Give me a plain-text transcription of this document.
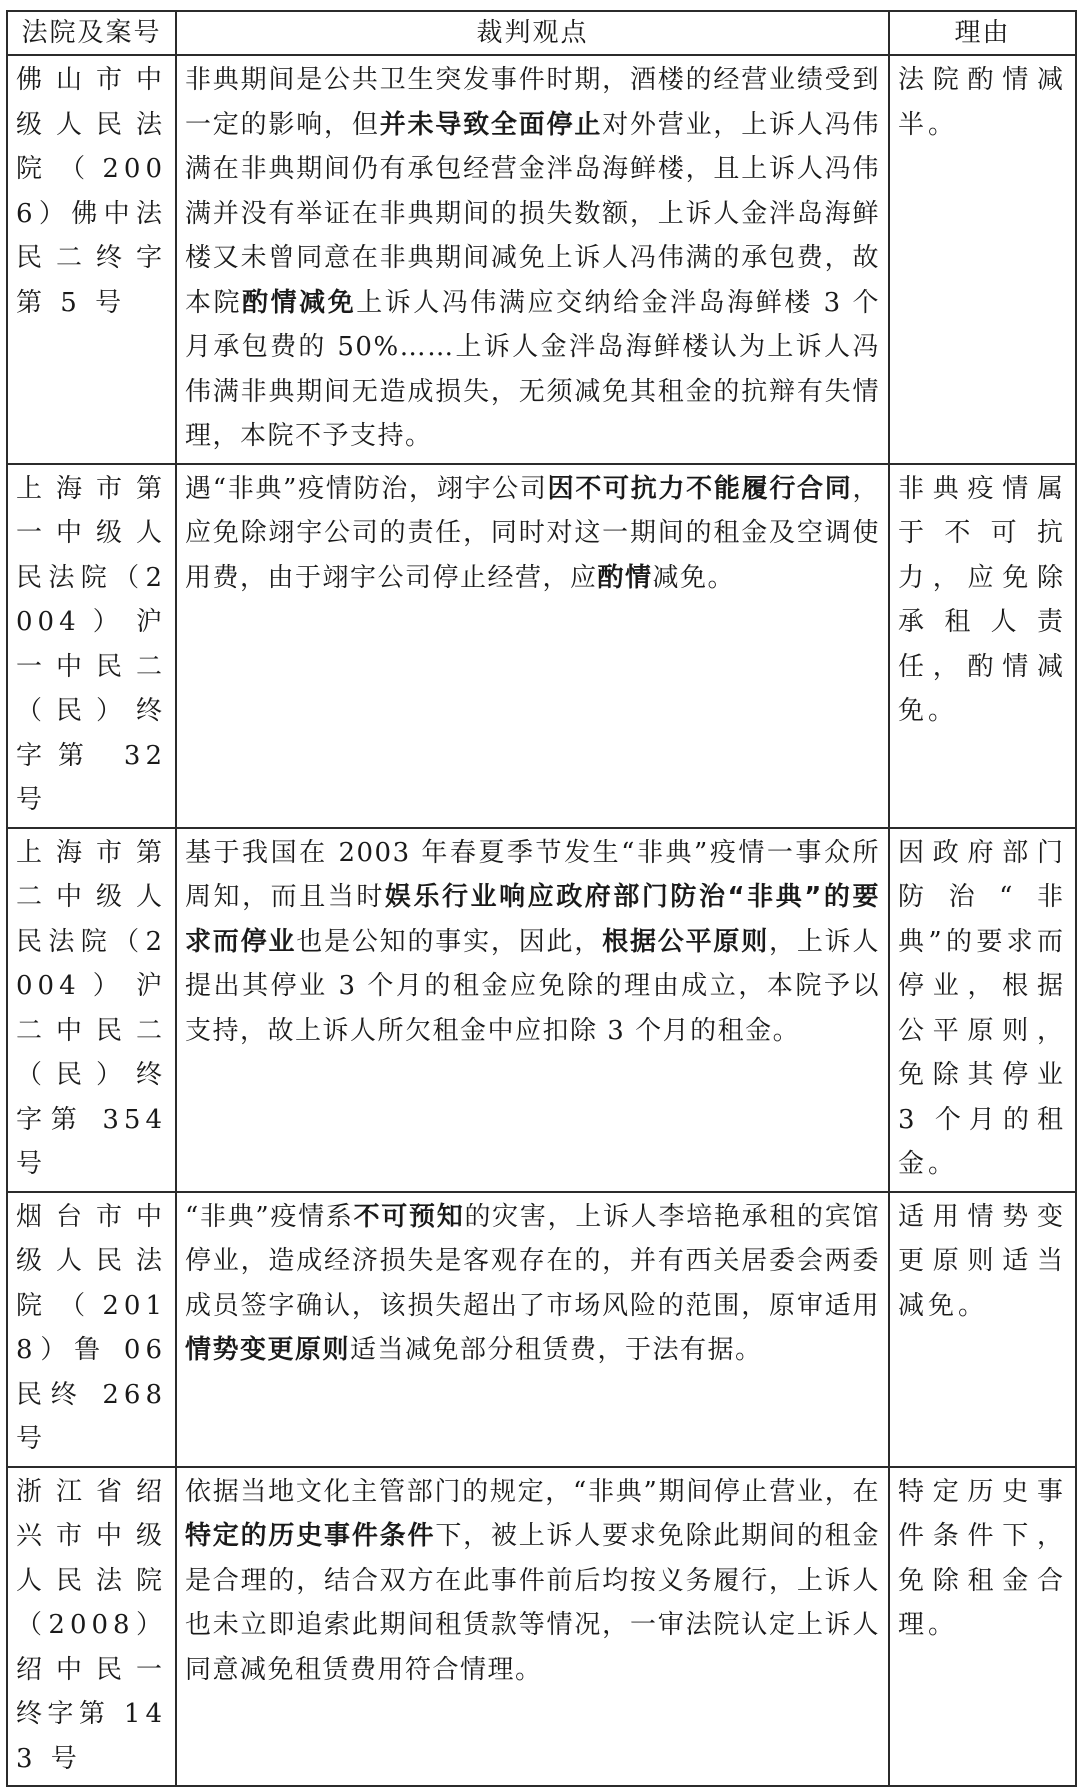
法院及案号	裁判观点	理由
佛山市中级人民法院（2006）佛中法民二终字第 5 号	非典期间是公共卫生突发事件时期，酒楼的经营业绩受到一定的影响，但并未导致全面停止对外营业，上诉人冯伟满在非典期间仍有承包经营金泮岛海鲜楼，且上诉人冯伟满并没有举证在非典期间的损失数额，上诉人金泮岛海鲜楼又未曾同意在非典期间减免上诉人冯伟满的承包费，故本院酌情减免上诉人冯伟满应交纳给金泮岛海鲜楼 3 个月承包费的 50%……上诉人金泮岛海鲜楼认为上诉人冯伟满非典期间无造成损失，无须减免其租金的抗辩有失情理，本院不予支持。	法院酌情减半。
上海市第一中级人民法院（2004）沪一中民二（民）终字第 32 号	遇“非典”疫情防治，翊宇公司因不可抗力不能履行合同，应免除翊宇公司的责任，同时对这一期间的租金及空调使用费，由于翊宇公司停止经营，应酌情减免。	非典疫情属于不可抗力，应免除承租人责任，酌情减免。
上海市第二中级人民法院（2004）沪二中民二（民）终字第 354 号	基于我国在 2003 年春夏季节发生“非典”疫情一事众所周知，而且当时娱乐行业响应政府部门防治“非典”的要求而停业也是公知的事实，因此，根据公平原则，上诉人提出其停业 3 个月的租金应免除的理由成立，本院予以支持，故上诉人所欠租金中应扣除 3 个月的租金。	因政府部门防治“非典”的要求而停业，根据公平原则，免除其停业 3 个月的租金。
烟台市中级人民法院（2018）鲁 06 民终 268 号	“非典”疫情系不可预知的灾害，上诉人李培艳承租的宾馆停业，造成经济损失是客观存在的，并有西关居委会两委成员签字确认，该损失超出了市场风险的范围，原审适用情势变更原则适当减免部分租赁费，于法有据。	适用情势变更原则适当减免。
浙江省绍兴市中级人民法院（2008）绍中民一终字第 143 号	依据当地文化主管部门的规定，“非典”期间停止营业，在特定的历史事件条件下，被上诉人要求免除此期间的租金是合理的，结合双方在此事件前后均按义务履行，上诉人也未立即追索此期间租赁款等情况，一审法院认定上诉人同意减免租赁费用符合情理。	特定历史事件条件下，免除租金合理。
